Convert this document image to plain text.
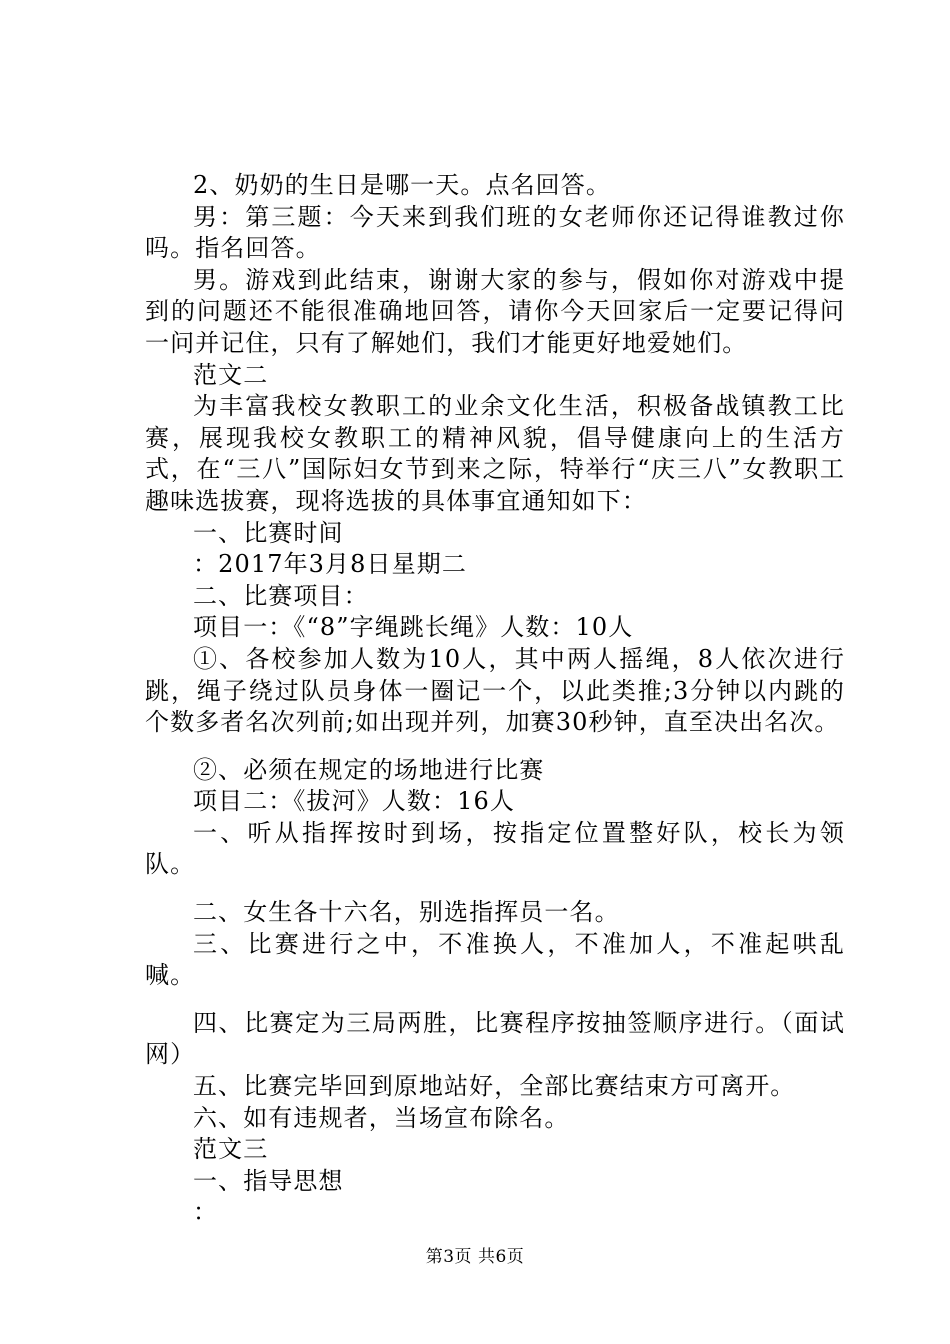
2、奶奶的生日是哪一天。点名回答。

男：第三题：今天来到我们班的女老师你还记得谁教过你吗。指名回答。

男。游戏到此结束，谢谢大家的参与，假如你对游戏中提到的问题还不能很准确地回答，请你今天回家后一定要记得问一问并记住，只有了解她们，我们才能更好地爱她们。

范文二

为丰富我校女教职工的业余文化生活，积极备战镇教工比赛，展现我校女教职工的精神风貌，倡导健康向上的生活方式，在“三八”国际妇女节到来之际，特举行“庆三八”女教职工趣味选拔赛，现将选拔的具体事宜通知如下：

一、比赛时间

：2017年3月8日星期二

二、比赛项目：

项目一：《“8”字绳跳长绳》人数：10人

①、各校参加人数为10人，其中两人摇绳，8人依次进行跳，绳子绕过队员身体一圈记一个，以此类推;3分钟以内跳的个数多者名次列前;如出现并列，加赛30秒钟，直至决出名次。

②、必须在规定的场地进行比赛

项目二：《拔河》人数：16人

一、听从指挥按时到场，按指定位置整好队，校长为领队。

二、女生各十六名，别选指挥员一名。

三、比赛进行之中，不准换人，不准加人，不准起哄乱喊。

四、比赛定为三局两胜，比赛程序按抽签顺序进行。（面试网）

五、比赛完毕回到原地站好，全部比赛结束方可离开。

六、如有违规者，当场宣布除名。

范文三

一、指导思想

：

第3页 共6页
